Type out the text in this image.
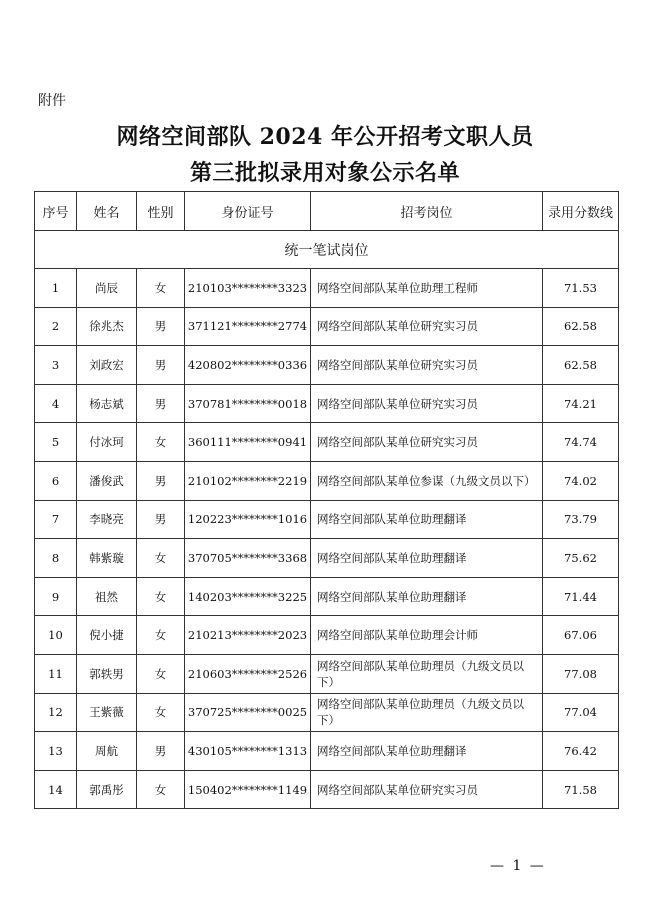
附件
网络空间部队 2024 年公开招考文职人员
第三批拟录用对象公示名单
序号	姓名	性别	身份证号	招考岗位	录用分数线
统一笔试岗位					
1	尚辰	女	210103********3323	网络空间部队某单位助理工程师	71.53
2	徐兆杰	男	371121********2774	网络空间部队某单位研究实习员	62.58
3	刘政宏	男	420802********0336	网络空间部队某单位研究实习员	62.58
4	杨志斌	男	370781********0018	网络空间部队某单位研究实习员	74.21
5	付冰珂	女	360111********0941	网络空间部队某单位研究实习员	74.74
6	潘俊武	男	210102********2219	网络空间部队某单位参谋（九级文员以下）	74.02
7	李晓亮	男	120223********1016	网络空间部队某单位助理翻译	73.79
8	韩紫璇	女	370705********3368	网络空间部队某单位助理翻译	75.62
9	祖然	女	140203********3225	网络空间部队某单位助理翻译	71.44
10	倪小捷	女	210213********2023	网络空间部队某单位助理会计师	67.06
11	郭轶男	女	210603********2526	网络空间部队某单位助理员（九级文员以下）	77.08
12	王紫薇	女	370725********0025	网络空间部队某单位助理员（九级文员以下）	77.04
13	周航	男	430105********1313	网络空间部队某单位助理翻译	76.42
14	郭禹彤	女	150402********1149	网络空间部队某单位研究实习员	71.58
— 1 —
